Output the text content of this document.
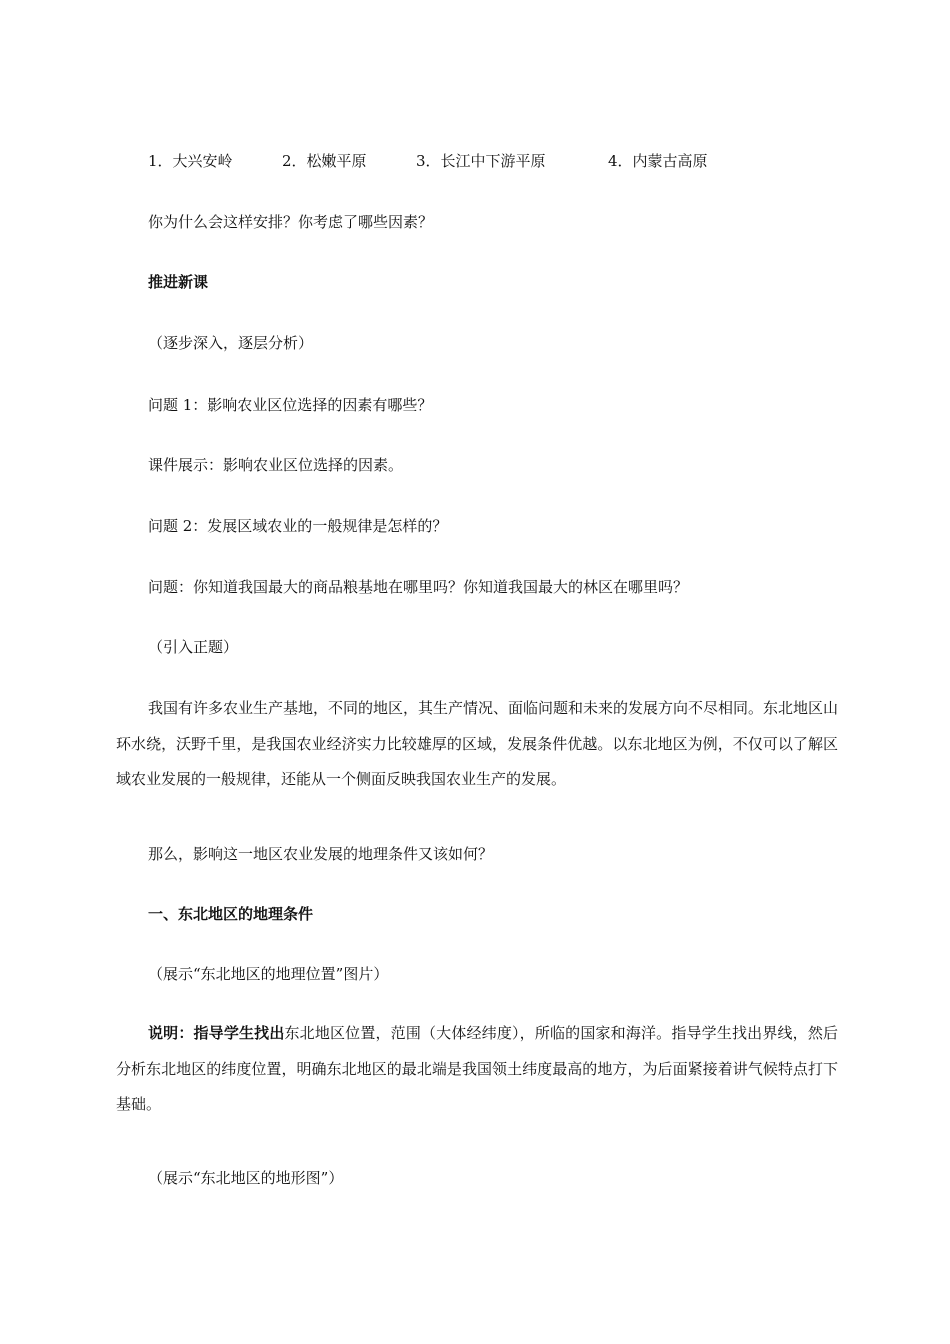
1．大兴安岭	2．松嫩平原	3．长江中下游平原	4．内蒙古高原
你为什么会这样安排？你考虑了哪些因素？
推进新课
（逐步深入，逐层分析）
问题 1：影响农业区位选择的因素有哪些？
课件展示：影响农业区位选择的因素。
问题 2：发展区域农业的一般规律是怎样的？
问题：你知道我国最大的商品粮基地在哪里吗？你知道我国最大的林区在哪里吗？
（引入正题）
我国有许多农业生产基地，不同的地区，其生产情况、面临问题和未来的发展方向不尽相同。东北地区山环水绕，沃野千里，是我国农业经济实力比较雄厚的区域，发展条件优越。以东北地区为例，不仅可以了解区域农业发展的一般规律，还能从一个侧面反映我国农业生产的发展。
那么，影响这一地区农业发展的地理条件又该如何？
一、东北地区的地理条件
（展示“东北地区的地理位置”图片）
说明：指导学生找出东北地区位置，范围（大体经纬度），所临的国家和海洋。指导学生找出界线，然后分析东北地区的纬度位置，明确东北地区的最北端是我国领土纬度最高的地方，为后面紧接着讲气候特点打下基础。
（展示“东北地区的地形图”）
